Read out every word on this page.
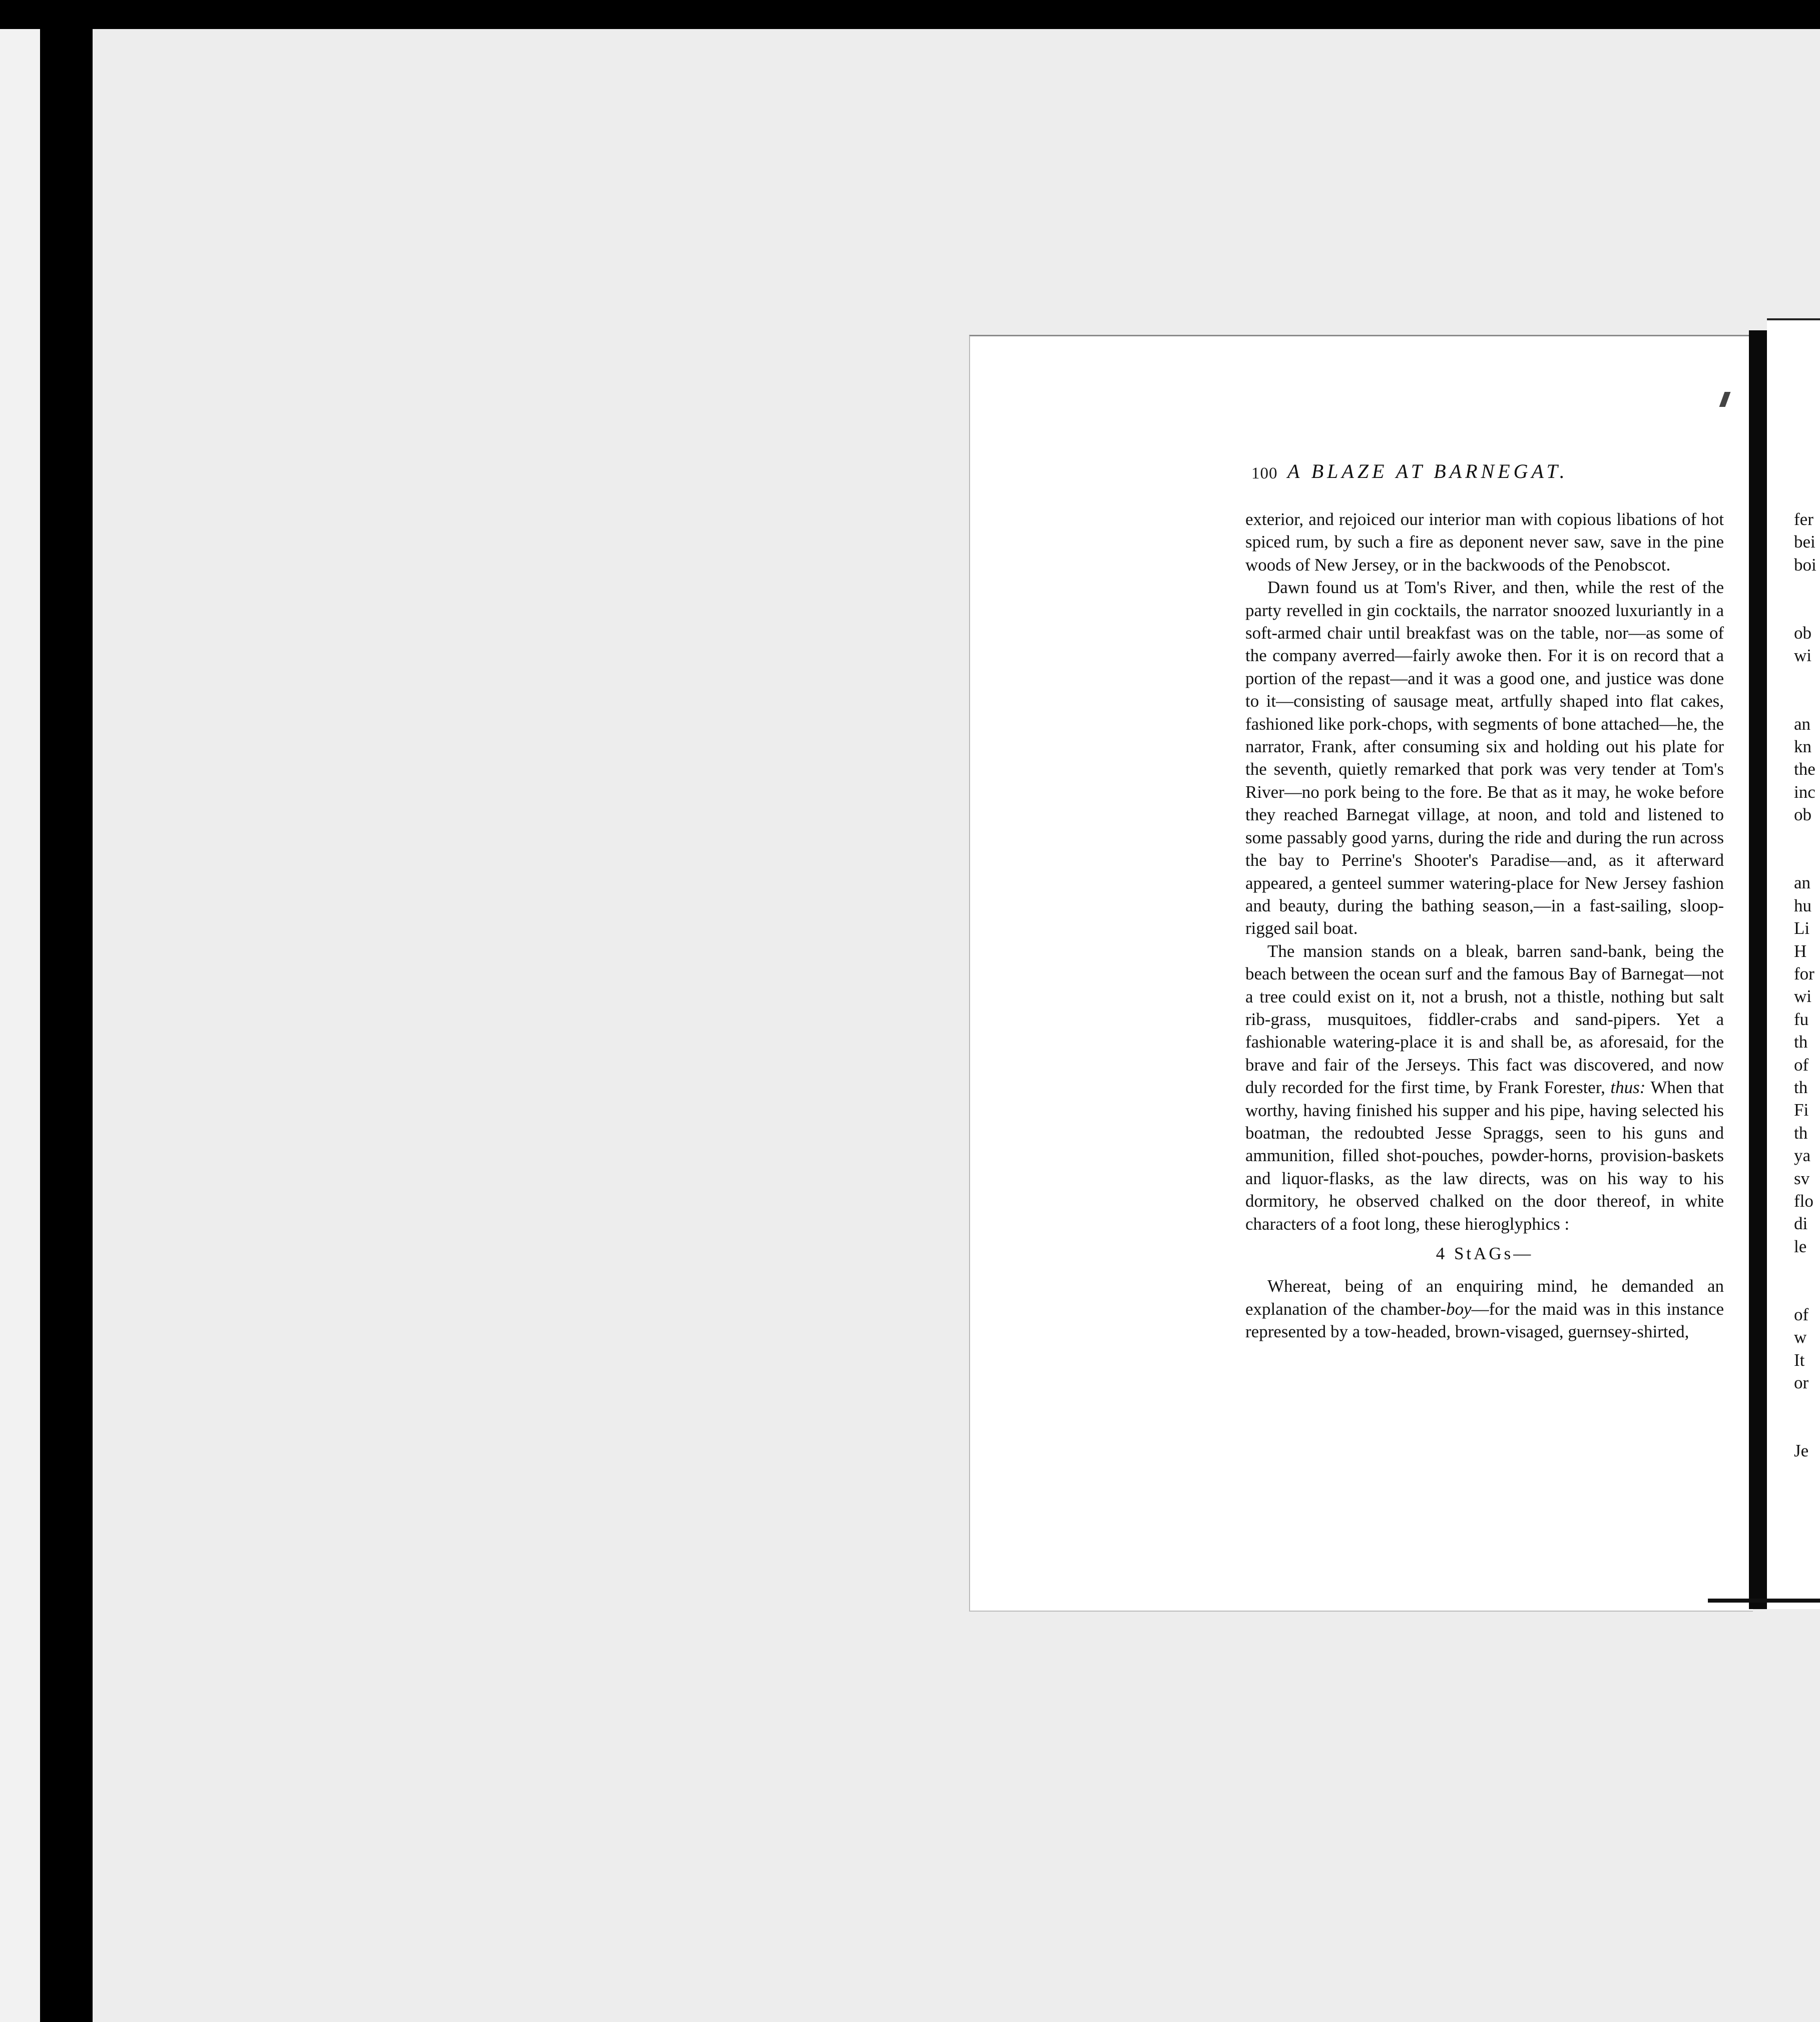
100 A BLAZE AT BARNEGAT.

exterior, and rejoiced our interior man with copious libations of hot spiced rum, by such a fire as deponent never saw, save in the pine woods of New Jersey, or in the backwoods of the Penobscot.

Dawn found us at Tom's River, and then, while the rest of the party revelled in gin cocktails, the narrator snoozed luxuriantly in a soft-armed chair until breakfast was on the table, nor—as some of the company averred—fairly awoke then. For it is on record that a portion of the repast—and it was a good one, and justice was done to it—consisting of sausage meat, artfully shaped into flat cakes, fashioned like pork-chops, with segments of bone attached—he, the narrator, Frank, after consuming six and holding out his plate for the seventh, quietly remarked that pork was very tender at Tom's River—no pork being to the fore. Be that as it may, he woke before they reached Barnegat village, at noon, and told and listened to some passably good yarns, during the ride and during the run across the bay to Perrine's Shooter's Paradise—and, as it afterward appeared, a genteel summer watering-place for New Jersey fashion and beauty, during the bathing season,—in a fast-sailing, sloop-rigged sail boat.

The mansion stands on a bleak, barren sand-bank, being the beach between the ocean surf and the famous Bay of Barnegat—not a tree could exist on it, not a brush, not a thistle, nothing but salt rib-grass, musquitoes, fiddler-crabs and sand-pipers. Yet a fashionable watering-place it is and shall be, as aforesaid, for the brave and fair of the Jerseys. This fact was discovered, and now duly recorded for the first time, by Frank Forester, thus: When that worthy, having finished his supper and his pipe, having selected his boatman, the redoubted Jesse Spraggs, seen to his guns and ammunition, filled shot-pouches, powder-horns, provision-baskets and liquor-flasks, as the law directs, was on his way to his dormitory, he observed chalked on the door thereof, in white characters of a foot long, these hieroglyphics :

4 StAGs—

Whereat, being of an enquiring mind, he demanded an explanation of the chamber-boy—for the maid was in this instance represented by a tow-headed, brown-visaged, guernsey-shirted,

fer
bei
boi
ob
wi
an
kn
the
inc
ob
an
hu
Li
H
for
wi
fu
th
of
th
Fi
th
ya
sv
flo
di
le
of
w
It
or
Je
